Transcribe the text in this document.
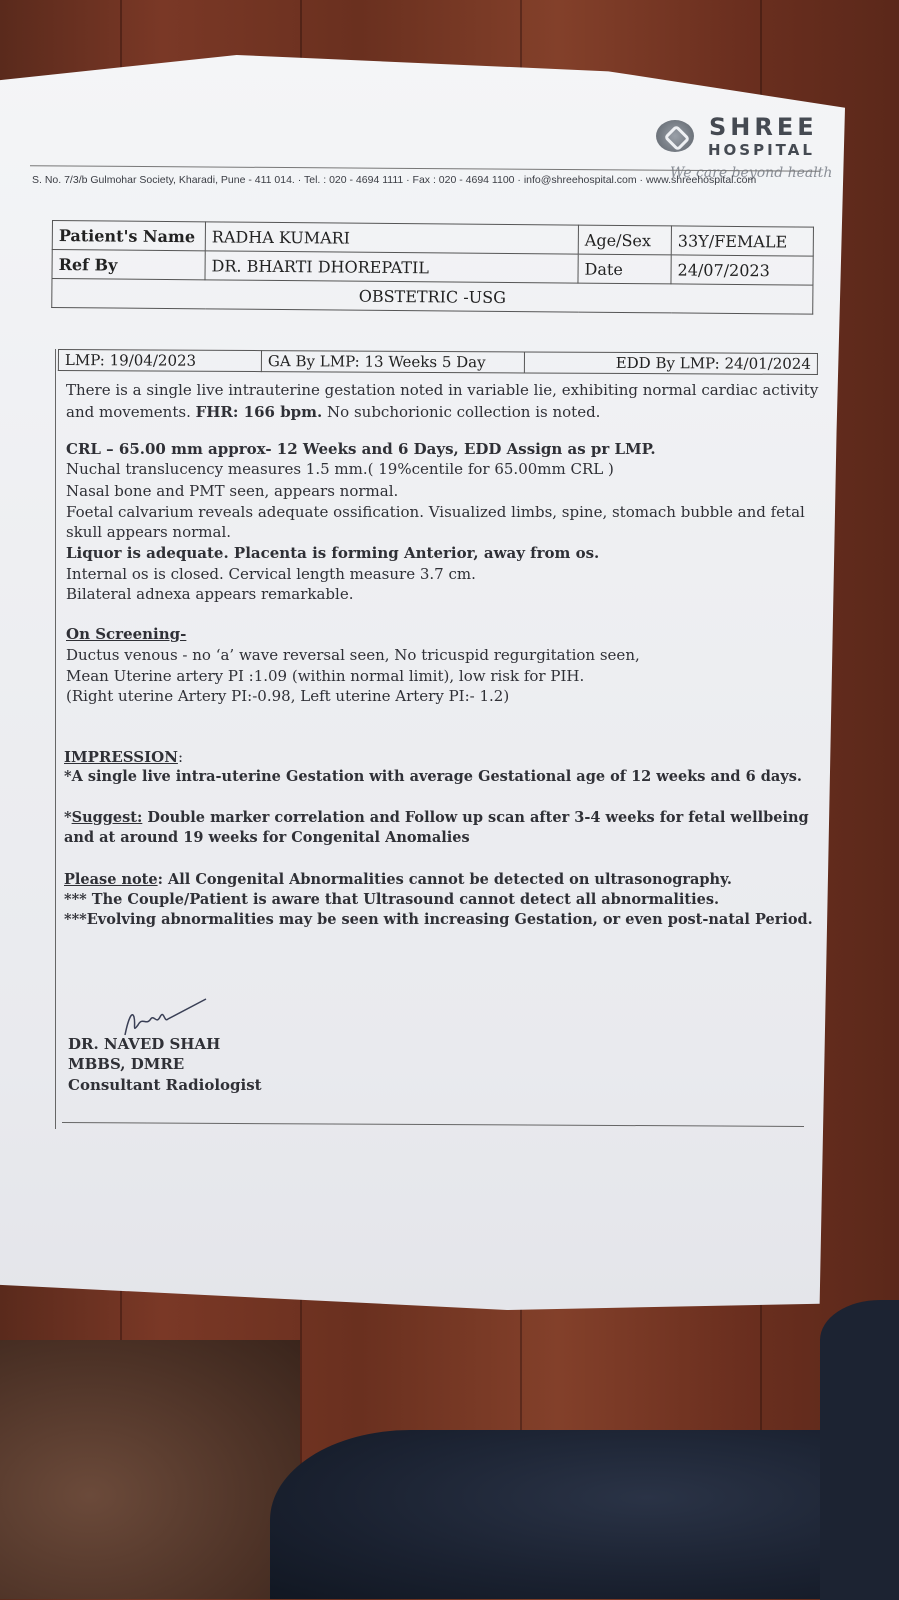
SHREE
HOSPITAL
We care beyond health
S. No. 7/3/b Gulmohar Society, Kharadi, Pune - 411 014. · Tel. : 020 - 4694 1111 · Fax : 020 - 4694 1100 · info@shreehospital.com · www.shreehospital.com
Patient's Name	RADHA KUMARI	Age/Sex	33Y/FEMALE
Ref By	DR. BHARTI DHOREPATIL	Date	24/07/2023
OBSTETRIC -USG			
LMP: 19/04/2023	GA By LMP: 13 Weeks 5 Day	EDD By LMP: 24/01/2024
There is a single live intrauterine gestation noted in variable lie, exhibiting normal cardiac activity
and movements. FHR: 166 bpm. No subchorionic collection is noted.
CRL – 65.00 mm approx- 12 Weeks and 6 Days, EDD Assign as pr LMP.
Nuchal translucency measures 1.5 mm.( 19%centile for 65.00mm CRL )
Nasal bone and PMT seen, appears normal.
Foetal calvarium reveals adequate ossification. Visualized limbs, spine, stomach bubble and fetal
skull appears normal.
Liquor is adequate. Placenta is forming Anterior, away from os.
Internal os is closed. Cervical length measure 3.7 cm.
Bilateral adnexa appears remarkable.
On Screening-
Ductus venous - no ‘a’ wave reversal seen, No tricuspid regurgitation seen,
Mean Uterine artery PI :1.09 (within normal limit), low risk for PIH.
(Right uterine Artery PI:-0.98, Left uterine Artery PI:- 1.2)
IMPRESSION:
*A single live intra-uterine Gestation with average Gestational age of 12 weeks and 6 days.
*Suggest: Double marker correlation and Follow up scan after 3-4 weeks for fetal wellbeing
and at around 19 weeks for Congenital Anomalies
Please note: All Congenital Abnormalities cannot be detected on ultrasonography.
*** The Couple/Patient is aware that Ultrasound cannot detect all abnormalities.
***Evolving abnormalities may be seen with increasing Gestation, or even post-natal Period.
DR. NAVED SHAH
MBBS, DMRE
Consultant Radiologist
